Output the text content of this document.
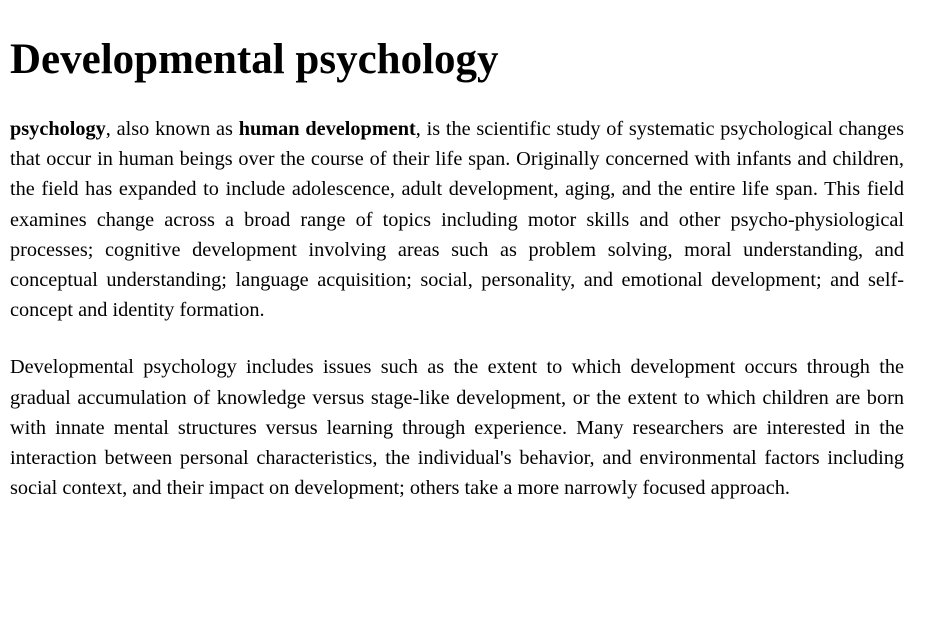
Developmental psychology

psychology, also known as human development, is the scientific study of systematic psychological changes that occur in human beings over the course of their life span. Originally concerned with infants and children, the field has expanded to include adolescence, adult development, aging, and the entire life span. This field examines change across a broad range of topics including motor skills and other psycho-physiological processes; cognitive development involving areas such as problem solving, moral understanding, and conceptual understanding; language acquisition; social, personality, and emotional development; and self-concept and identity formation.

Developmental psychology includes issues such as the extent to which development occurs through the gradual accumulation of knowledge versus stage-like development, or the extent to which children are born with innate mental structures versus learning through experience. Many researchers are interested in the interaction between personal characteristics, the individual's behavior, and environmental factors including social context, and their impact on development; others take a more narrowly focused approach.
